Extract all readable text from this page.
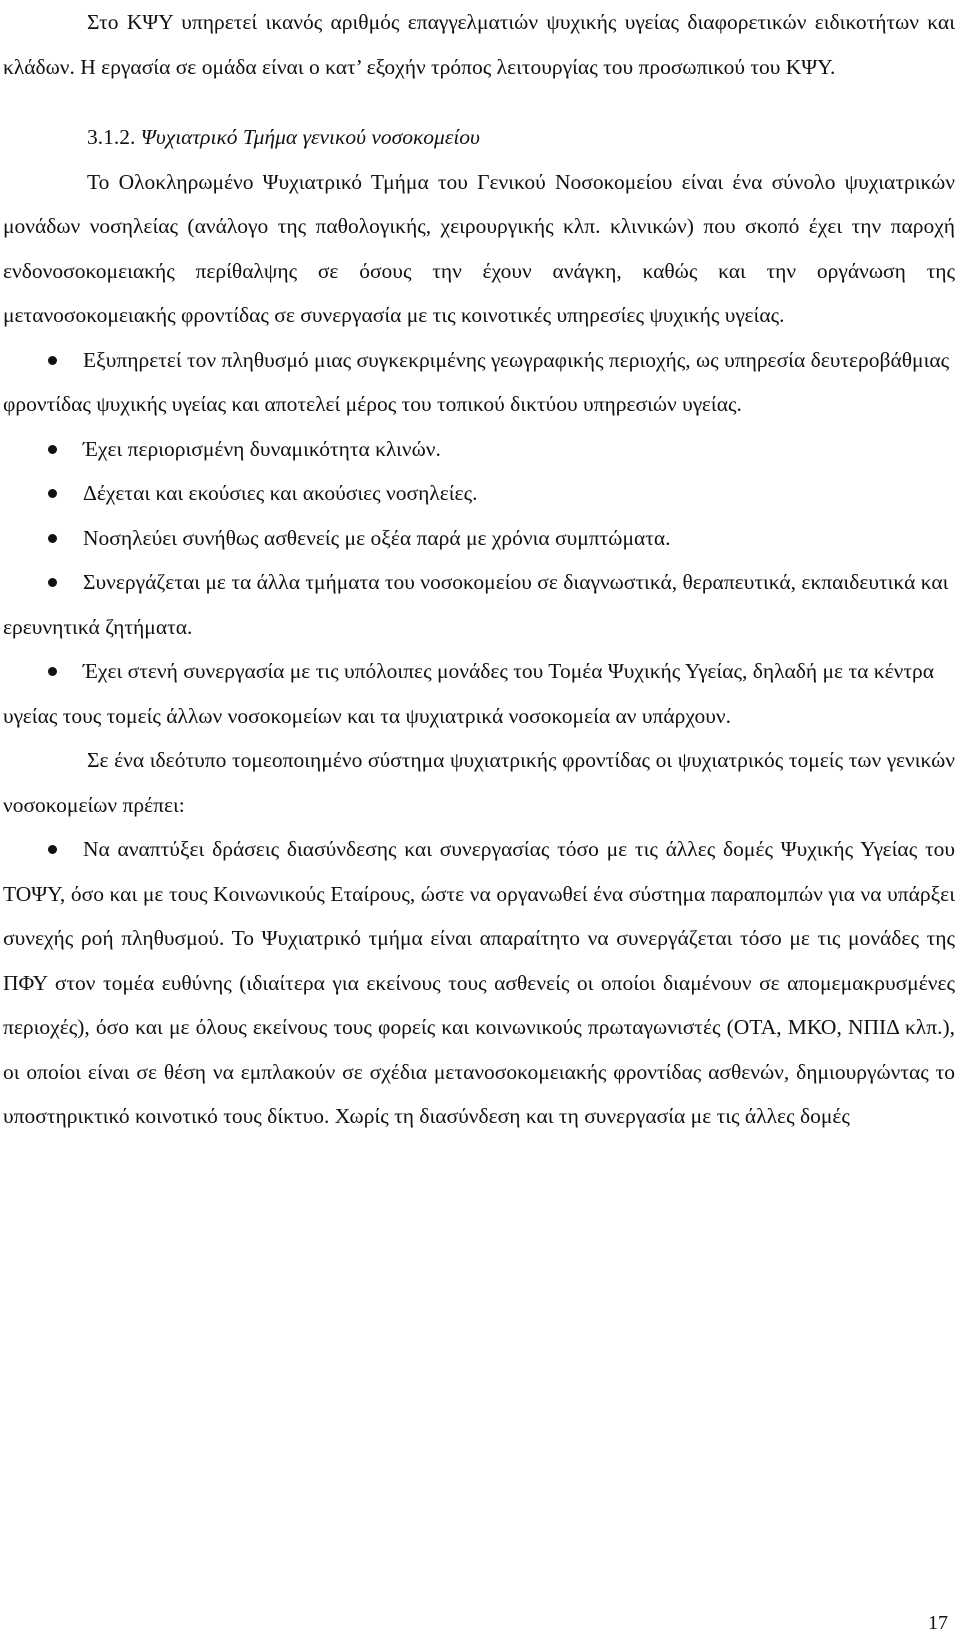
Στο ΚΨΥ υπηρετεί ικανός αριθμός επαγγελματιών ψυχικής υγείας διαφορετικών ειδικοτήτων και κλάδων. Η εργασία σε ομάδα είναι ο κατ’ εξοχήν τρόπος λειτουργίας του προσωπικού του ΚΨΥ.

3.1.2. Ψυχιατρικό Τμήμα γενικού νοσοκομείου

Το Ολοκληρωμένο Ψυχιατρικό Τμήμα του Γενικού Νοσοκομείου είναι ένα σύνολο ψυχιατρικών μονάδων νοσηλείας (ανάλογο της παθολογικής, χειρουργικής κλπ. κλινικών) που σκοπό έχει την παροχή ενδονοσοκομειακής περίθαλψης σε όσους την έχουν ανάγκη, καθώς και την οργάνωση της μετανοσοκομειακής φροντίδας σε συνεργασία με τις κοινοτικές υπηρεσίες ψυχικής υγείας.

Εξυπηρετεί τον πληθυσμό μιας συγκεκριμένης γεωγραφικής περιοχής, ως υπηρεσία δευτεροβάθμιας φροντίδας ψυχικής υγείας και αποτελεί μέρος του τοπικού δικτύου υπηρεσιών υγείας.

Έχει περιορισμένη δυναμικότητα κλινών.

Δέχεται και εκούσιες και ακούσιες νοσηλείες.

Νοσηλεύει συνήθως ασθενείς με οξέα παρά με χρόνια συμπτώματα.

Συνεργάζεται με τα άλλα τμήματα του νοσοκομείου σε διαγνωστικά, θεραπευτικά, εκπαιδευτικά και ερευνητικά ζητήματα.

Έχει στενή συνεργασία με τις υπόλοιπες μονάδες του Τομέα Ψυχικής Υγείας, δηλαδή με τα κέντρα υγείας τους τομείς άλλων νοσοκομείων και τα ψυχιατρικά νοσοκομεία αν υπάρχουν.

Σε ένα ιδεότυπο τομεοποιημένο σύστημα ψυχιατρικής φροντίδας οι ψυχιατρικός τομείς των γενικών νοσοκομείων πρέπει:

Να αναπτύξει δράσεις διασύνδεσης και συνεργασίας τόσο με τις άλλες δομές Ψυχικής Υγείας του ΤΟΨΥ, όσο και με τους Κοινωνικούς Εταίρους, ώστε να οργανωθεί ένα σύστημα παραπομπών για να υπάρξει συνεχής ροή πληθυσμού. Το Ψυχιατρικό τμήμα είναι απαραίτητο να συνεργάζεται τόσο με τις μονάδες της ΠΦΥ στον τομέα ευθύνης (ιδιαίτερα για εκείνους τους ασθενείς οι οποίοι διαμένουν σε απομεμακρυσμένες περιοχές), όσο και με όλους εκείνους τους φορείς και κοινωνικούς πρωταγωνιστές (ΟΤΑ, ΜΚΟ, ΝΠΙΔ κλπ.), οι οποίοι είναι σε θέση να εμπλακούν σε σχέδια μετανοσοκομειακής φροντίδας ασθενών, δημιουργώντας το υποστηρικτικό κοινοτικό τους δίκτυο. Χωρίς τη διασύνδεση και τη συνεργασία με τις άλλες δομές

17
